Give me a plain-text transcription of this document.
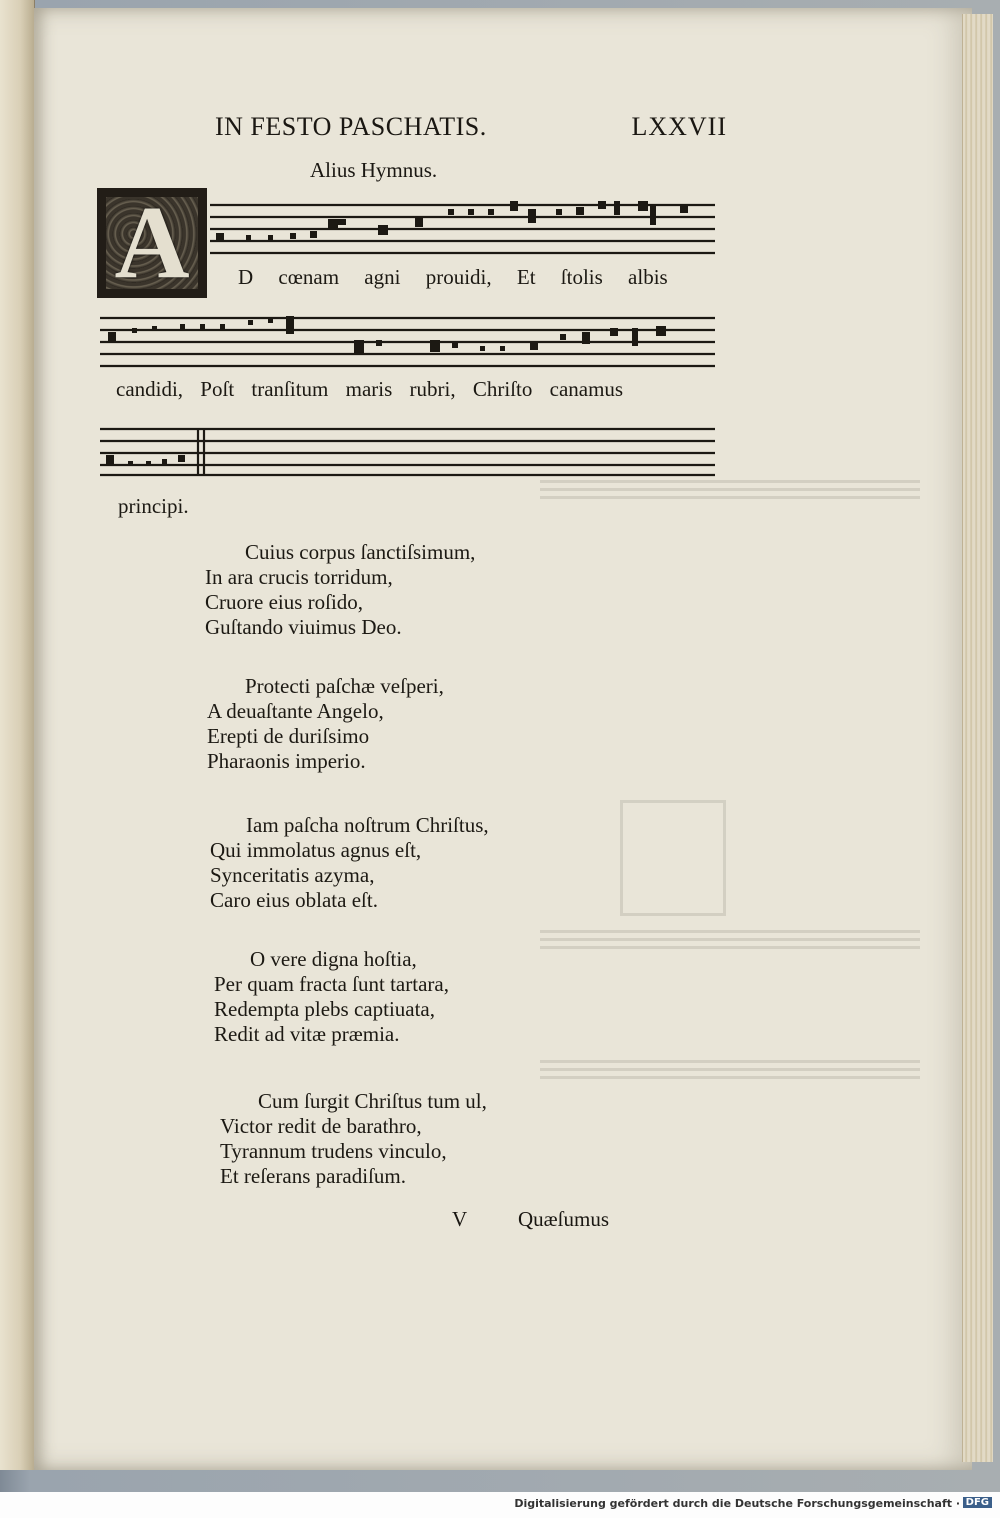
IN FESTO PASCHATIS.	LXXVII
Alius Hymnus.
A	D cœnam agni prouidi, Et ſtolis albis
candidi, Poſt tranſitum maris rubri, Chriſto canamus
principi.
Cuius corpus ſanctiſsimum,
In ara crucis torridum,
Cruore eius roſido,
Guſtando viuimus Deo.
Protecti paſchæ veſperi,
A deuaſtante Angelo,
Erepti de duriſsimo
Pharaonis imperio.
Iam paſcha noſtrum Chriſtus,
Qui immolatus agnus eſt,
Synceritatis azyma,
Caro eius oblata eſt.
O vere digna hoſtia,
Per quam fracta ſunt tartara,
Redempta plebs captiuata,
Redit ad vitæ præmia.
Cum ſurgit Chriſtus tum ul,
Victor redit de barathro,
Tyrannum trudens vinculo,
Et reſerans paradiſum.
V Quæſumus
Digitalisierung gefördert durch die Deutsche Forschungsgemeinschaft · DFG
